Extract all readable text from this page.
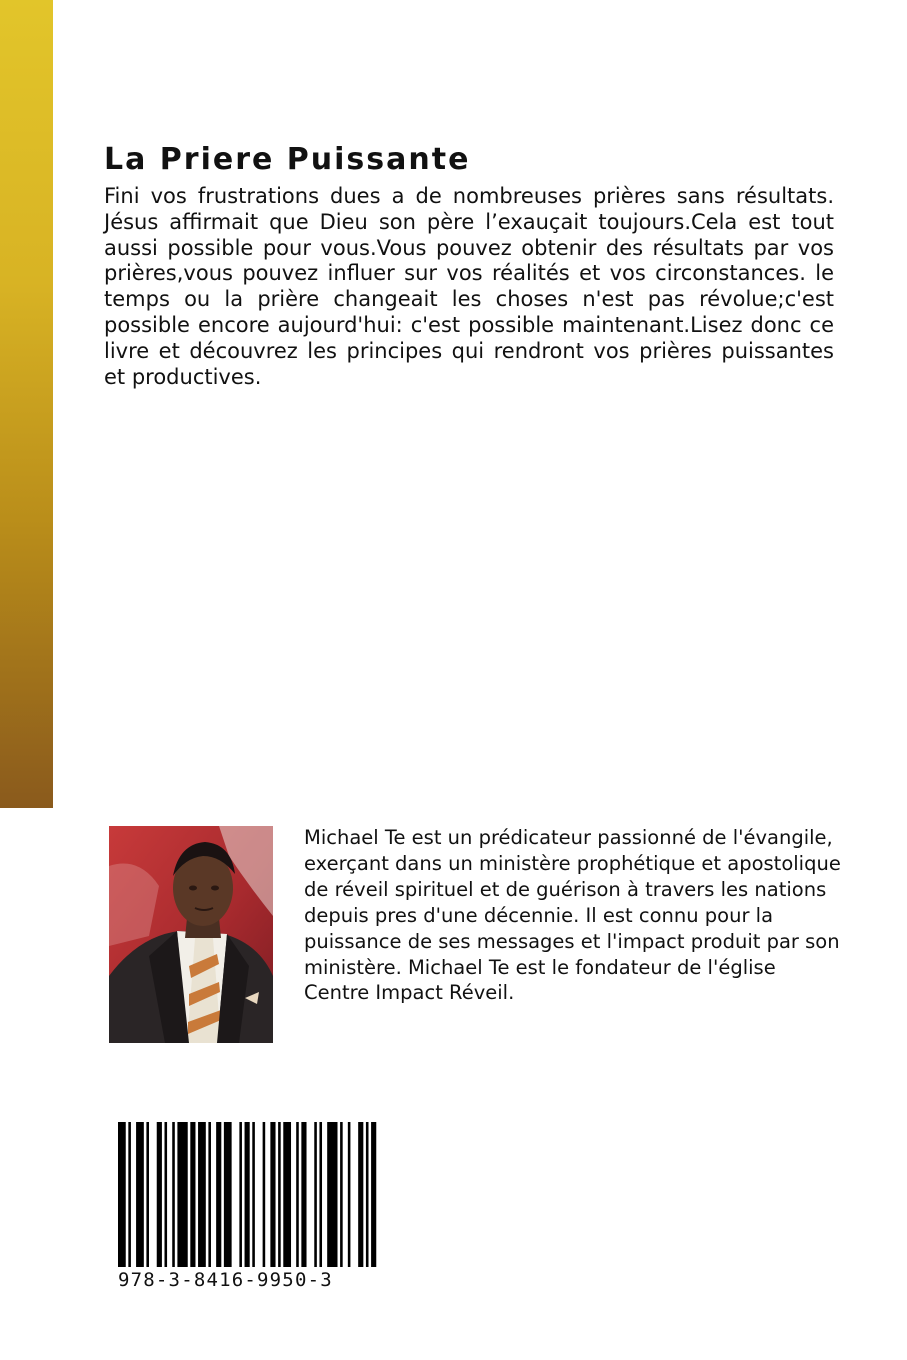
La Priere Puissante

Fini vos frustrations dues a de nombreuses prières sans résultats. Jésus affirmait que Dieu son père l’exauçait toujours.Cela est tout aussi possible pour vous.Vous pouvez obtenir des résultats par vos prières,vous pouvez influer sur vos réalités et vos circonstances. le temps ou la prière changeait les choses n'est pas révolue;c'est possible encore aujourd'hui: c'est possible maintenant.Lisez donc ce livre et découvrez les principes qui rendront vos prières puissantes et productives.

Michael Te est un prédicateur passionné de l'évangile, exerçant dans un ministère prophétique et apostolique de réveil spirituel et de guérison à travers les nations depuis pres d'une décennie. Il est connu pour la puissance de ses messages et l'impact produit par son ministère. Michael Te est le fondateur de l'église Centre Impact Réveil.

978-3-8416-9950-3
